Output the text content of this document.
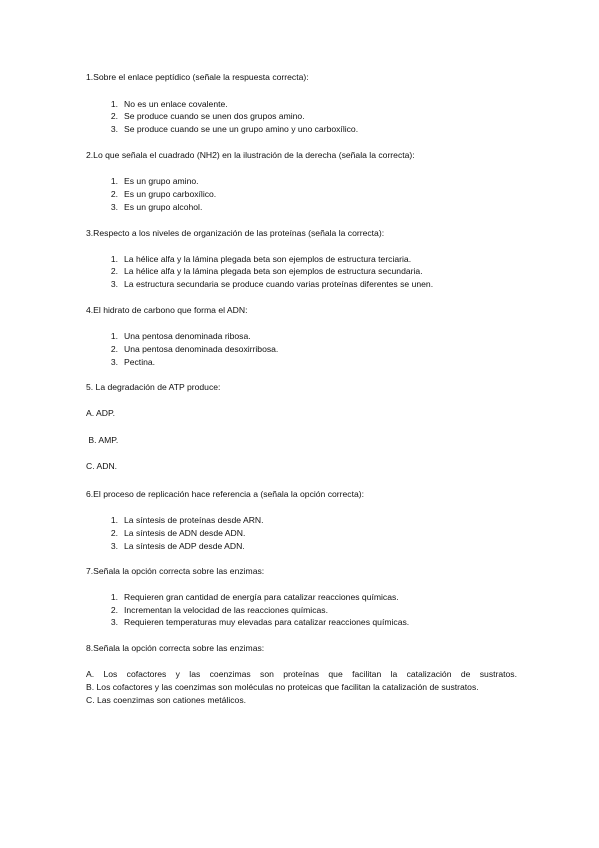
1.Sobre el enlace peptídico (señale la respuesta correcta):
1. No es un enlace covalente.
2. Se produce cuando se unen dos grupos amino.
3. Se produce cuando se une un grupo amino y uno carboxílico.
2.Lo que señala el cuadrado (NH2) en la ilustración de la derecha (señala la correcta):
1. Es un grupo amino.
2. Es un grupo carboxílico.
3. Es un grupo alcohol.
3.Respecto a los niveles de organización de las proteínas (señala la correcta):
1. La hélice alfa y la lámina plegada beta son ejemplos de estructura terciaria.
2. La hélice alfa y la lámina plegada beta son ejemplos de estructura secundaria.
3. La estructura secundaria se produce cuando varias proteínas diferentes se unen.
4.El hidrato de carbono que forma el ADN:
1. Una pentosa denominada ribosa.
2. Una pentosa denominada desoxirribosa.
3. Pectina.
5. La degradación de ATP produce:
A. ADP.
B. AMP.
C. ADN.
6.El proceso de replicación hace referencia a (señala la opción correcta):
1. La síntesis de proteínas desde ARN.
2. La síntesis de ADN desde ADN.
3. La síntesis de ADP desde ADN.
7.Señala la opción correcta sobre las enzimas:
1. Requieren gran cantidad de energía para catalizar reacciones químicas.
2. Incrementan la velocidad de las reacciones químicas.
3. Requieren temperaturas muy elevadas para catalizar reacciones químicas.
8.Señala la opción correcta sobre las enzimas:
A. Los cofactores y las coenzimas son proteínas que facilitan la catalización de sustratos.
B. Los cofactores y las coenzimas son moléculas no proteicas que facilitan la catalización de sustratos.
C. Las coenzimas son cationes metálicos.
